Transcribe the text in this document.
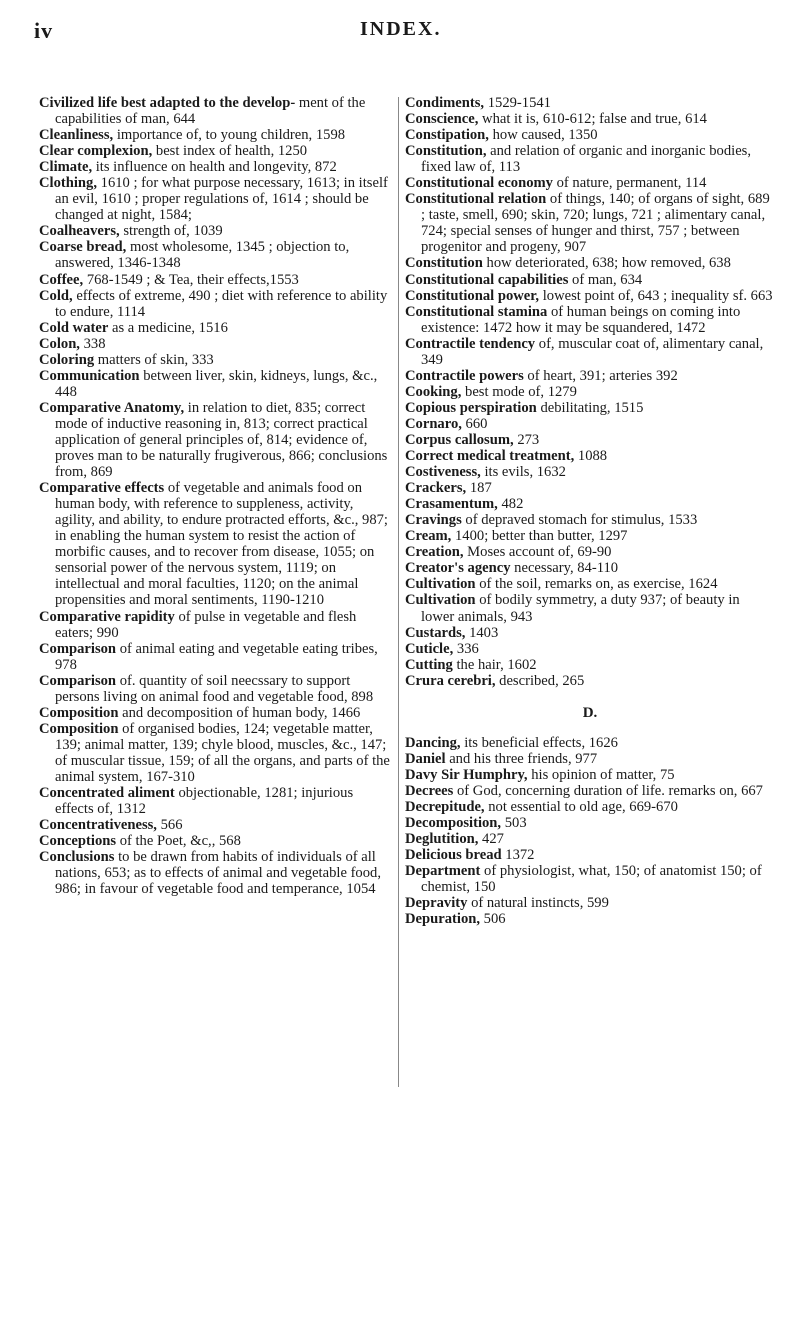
iv	INDEX.

Civilized life best adapted to the develop- ment of the capabilities of man, 644

Cleanliness, importance of, to young children, 1598

Clear complexion, best index of health, 1250

Climate, its influence on health and longevity, 872

Clothing, 1610 ; for what purpose necessary, 1613; in itself an evil, 1610 ; proper regulations of, 1614 ; should be changed at night, 1584;

Coalheavers, strength of, 1039

Coarse bread, most wholesome, 1345 ; objection to, answered, 1346-1348

Coffee, 768-1549 ; & Tea, their effects,1553

Cold, effects of extreme, 490 ; diet with reference to ability to endure, 1114

Cold water as a medicine, 1516

Colon, 338

Coloring matters of skin, 333

Communication between liver, skin, kidneys, lungs, &c., 448

Comparative Anatomy, in relation to diet, 835; correct mode of inductive reasoning in, 813; correct practical application of general principles of, 814; evidence of, proves man to be naturally frugiverous, 866; conclusions from, 869

Comparative effects of vegetable and animals food on human body, with reference to suppleness, activity, agility, and ability, to endure protracted efforts, &c., 987; in enabling the human system to resist the action of morbific causes, and to recover from disease, 1055; on sensorial power of the nervous system, 1119; on intellectual and moral faculties, 1120; on the animal propensities and moral sentiments, 1190-1210

Comparative rapidity of pulse in vegetable and flesh eaters; 990

Comparison of animal eating and vegetable eating tribes, 978

Comparison of. quantity of soil neecssary to support persons living on animal food and vegetable food, 898

Composition and decomposition of human body, 1466

Composition of organised bodies, 124; vegetable matter, 139; animal matter, 139; chyle blood, muscles, &c., 147; of muscular tissue, 159; of all the organs, and parts of the animal system, 167-310

Concentrated aliment objectionable, 1281; injurious effects of, 1312

Concentrativeness, 566

Conceptions of the Poet, &c,, 568

Conclusions to be drawn from habits of individuals of all nations, 653; as to effects of animal and vegetable food, 986; in favour of vegetable food and temperance, 1054

Condiments, 1529-1541

Conscience, what it is, 610-612; false and true, 614

Constipation, how caused, 1350

Constitution, and relation of organic and inorganic bodies, fixed law of, 113

Constitutional economy of nature, permanent, 114

Constitutional relation of things, 140; of organs of sight, 689 ; taste, smell, 690; skin, 720; lungs, 721 ; alimentary canal, 724; special senses of hunger and thirst, 757 ; between progenitor and progeny, 907

Constitution how deteriorated, 638; how removed, 638

Constitutional capabilities of man, 634

Constitutional power, lowest point of, 643 ; inequality sf. 663

Constitutional stamina of human beings on coming into existence: 1472 how it may be squandered, 1472

Contractile tendency of, muscular coat of, alimentary canal, 349

Contractile powers of heart, 391; arteries 392

Cooking, best mode of, 1279

Copious perspiration debilitating, 1515

Cornaro, 660

Corpus callosum, 273

Correct medical treatment, 1088

Costiveness, its evils, 1632

Crackers, 187

Crasamentum, 482

Cravings of depraved stomach for stimulus, 1533

Cream, 1400; better than butter, 1297

Creation, Moses account of, 69-90

Creator's agency necessary, 84-110

Cultivation of the soil, remarks on, as exercise, 1624

Cultivation of bodily symmetry, a duty 937; of beauty in lower animals, 943

Custards, 1403

Cuticle, 336

Cutting the hair, 1602

Crura cerebri, described, 265

D.

Dancing, its beneficial effects, 1626

Daniel and his three friends, 977

Davy Sir Humphry, his opinion of matter, 75

Decrees of God, concerning duration of life. remarks on, 667

Decrepitude, not essential to old age, 669-670

Decomposition, 503

Deglutition, 427

Delicious bread 1372

Department of physiologist, what, 150; of anatomist 150; of chemist, 150

Depravity of natural instincts, 599

Depuration, 506
